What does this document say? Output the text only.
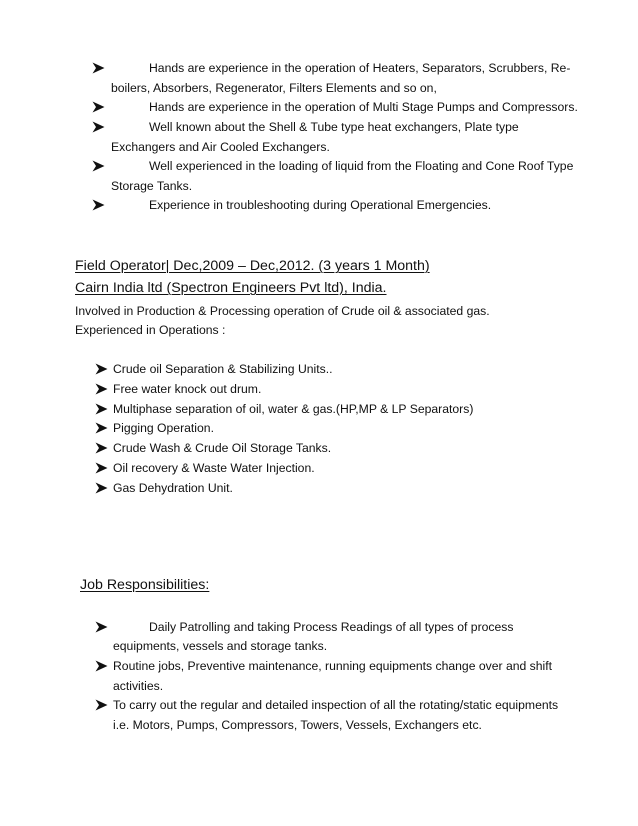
Hands are experience in the operation of Heaters, Separators, Scrubbers, Re-
boilers, Absorbers, Regenerator, Filters Elements and so on,
Hands are experience in the operation of Multi Stage Pumps and Compressors.
Well known about the Shell & Tube type heat exchangers, Plate type
Exchangers and Air Cooled Exchangers.
Well experienced in the loading of liquid from the Floating and Cone Roof Type
Storage Tanks.
Experience in troubleshooting during Operational Emergencies.
Field Operator| Dec,2009 – Dec,2012. (3 years 1 Month)
Cairn India ltd (Spectron Engineers Pvt ltd), India.
Involved in Production & Processing operation of Crude oil & associated gas.
Experienced in Operations :
Crude oil Separation & Stabilizing Units..
Free water knock out drum.
Multiphase separation of oil, water & gas.(HP,MP & LP Separators)
Pigging Operation.
Crude Wash & Crude Oil Storage Tanks.
Oil recovery & Waste Water Injection.
Gas Dehydration Unit.
Job Responsibilities:
Daily Patrolling and taking Process Readings of all types of process
equipments, vessels and storage tanks.
Routine jobs, Preventive maintenance, running equipments change over and shift
activities.
To carry out the regular and detailed inspection of all the rotating/static equipments
i.e. Motors, Pumps, Compressors, Towers, Vessels, Exchangers etc.
